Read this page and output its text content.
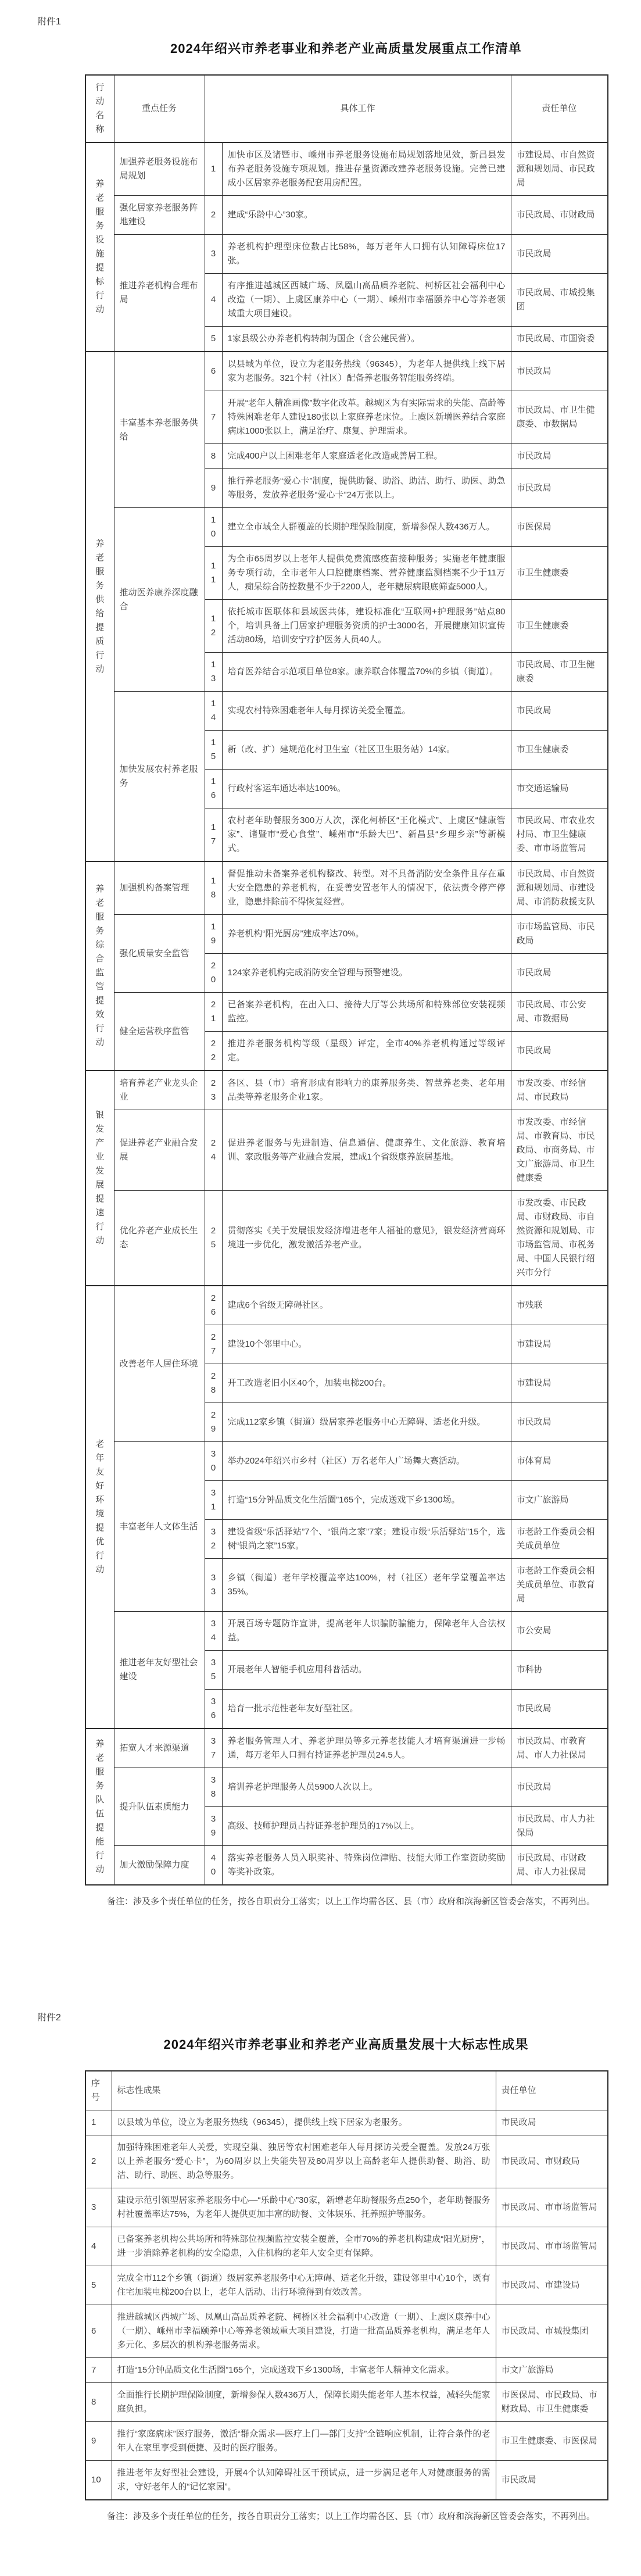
附件1
2024年绍兴市养老事业和养老产业高质量发展重点工作清单
行动名称	重点任务	具体工作		责任单位
养老服务设施提标行动	加强养老服务设施布局规划	1	加快市区及诸暨市、嵊州市养老服务设施布局规划落地见效，新昌县发布养老服务设施专项规划。推进存量资源改建养老服务设施。完善已建成小区居家养老服务配套用房配置。	市建设局、市自然资源和规划局、市民政局
	强化居家养老服务阵地建设	2	建成“乐龄中心”30家。	市民政局、市财政局
	推进养老机构合理布局	3	养老机构护理型床位数占比58%，每万老年人口拥有认知障碍床位17张。	市民政局
		4	有序推进越城区西城广场、凤凰山高品质养老院、柯桥区社会福利中心改造（一期）、上虞区康养中心（一期）、嵊州市幸福颐养中心等养老领域重大项目建设。	市民政局、市城投集团
		5	1家县级公办养老机构转制为国企（含公建民营）。	市民政局、市国资委
养老服务供给提质行动	丰富基本养老服务供给	6	以县域为单位，设立为老服务热线（96345），为老年人提供线上线下居家为老服务。321个村（社区）配备养老服务智能服务终端。	市民政局
		7	开展“老年人精准画像”数字化改革。越城区为有实际需求的失能、高龄等特殊困难老年人建设180张以上家庭养老床位。上虞区新增医养结合家庭病床1000张以上，满足治疗、康复、护理需求。	市民政局、市卫生健康委、市数据局
		8	完成400户以上困难老年人家庭适老化改造或善居工程。	市民政局
		9	推行养老服务“爱心卡”制度，提供助餐、助浴、助洁、助行、助医、助急等服务，发放养老服务“爱心卡”24万张以上。	市民政局
	推动医养康养深度融合	10	建立全市域全人群覆盖的长期护理保险制度，新增参保人数436万人。	市医保局
		11	为全市65周岁以上老年人提供免费流感疫苗接种服务；实施老年健康服务专项行动，全市老年人口腔健康档案、营养健康监测档案不少于11万人，痴呆综合防控数量不少于2200人，老年糖尿病眼底筛查5000人。	市卫生健康委
		12	依托城市医联体和县域医共体，建设标准化“互联网+护理服务”站点80个，培训具备上门居家护理服务资质的护士3000名，开展健康知识宣传活动80场，培训安宁疗护医务人员40人。	市卫生健康委
		13	培育医养结合示范项目单位8家。康养联合体覆盖70%的乡镇（街道）。	市民政局、市卫生健康委
	加快发展农村养老服务	14	实现农村特殊困难老年人每月探访关爱全覆盖。	市民政局
		15	新（改、扩）建规范化村卫生室（社区卫生服务站）14家。	市卫生健康委
		16	行政村客运车通达率达100%。	市交通运输局
		17	农村老年助餐服务300万人次，深化柯桥区“王化模式”、上虞区“健康管家”、诸暨市“爱心食堂”、嵊州市“乐龄大巴”、新昌县“乡理乡亲”等新模式。	市民政局、市农业农村局、市卫生健康委、市市场监管局
养老服务综合监管提效行动	加强机构备案管理	18	督促推动未备案养老机构整改、转型。对不具备消防安全条件且存在重大安全隐患的养老机构，在妥善安置老年人的情况下，依法责令停产停业，隐患排除前不得恢复经营。	市民政局、市自然资源和规划局、市建设局、市消防救援支队
	强化质量安全监管	19	养老机构“阳光厨房”建成率达70%。	市市场监管局、市民政局
		20	124家养老机构完成消防安全管理与预警建设。	市民政局
	健全运营秩序监管	21	已备案养老机构，在出入口、接待大厅等公共场所和特殊部位安装视频监控。	市民政局、市公安局、市数据局
		22	推进养老服务机构等级（星级）评定，全市40%养老机构通过等级评定。	市民政局
银发产业发展提速行动	培育养老产业龙头企业	23	各区、县（市）培育形成有影响力的康养服务类、智慧养老类、老年用品类等养老服务企业1家。	市发改委、市经信局、市民政局
	促进养老产业融合发展	24	促进养老服务与先进制造、信息通信、健康养生、文化旅游、教育培训、家政服务等产业融合发展，建成1个省级康养旅居基地。	市发改委、市经信局、市教育局、市民政局、市商务局、市文广旅游局、市卫生健康委
	优化养老产业成长生态	25	贯彻落实《关于发展银发经济增进老年人福祉的意见》，银发经济营商环境进一步优化，激发激活养老产业。	市发改委、市民政局、市财政局、市自然资源和规划局、市市场监管局、市税务局、中国人民银行绍兴市分行
老年友好环境提优行动	改善老年人居住环境	26	建成6个省级无障碍社区。	市残联
		27	建设10个邻里中心。	市建设局
		28	开工改造老旧小区40个，加装电梯200台。	市建设局
		29	完成112家乡镇（街道）级居家养老服务中心无障碍、适老化升级。	市民政局
	丰富老年人文体生活	30	举办2024年绍兴市乡村（社区）万名老年人广场舞大赛活动。	市体育局
		31	打造“15分钟品质文化生活圈”165个，完成送戏下乡1300场。	市文广旅游局
		32	建设省级“乐活驿站”7个、“银尚之家”7家；建设市级“乐活驿站”15个，选树“银尚之家”15家。	市老龄工作委员会相关成员单位
		33	乡镇（街道）老年学校覆盖率达100%，村（社区）老年学堂覆盖率达35%。	市老龄工作委员会相关成员单位、市教育局
	推进老年友好型社会建设	34	开展百场专题防诈宣讲，提高老年人识骗防骗能力，保障老年人合法权益。	市公安局
		35	开展老年人智能手机应用科普活动。	市科协
		36	培育一批示范性老年友好型社区。	市民政局
养老服务队伍提能行动	拓宽人才来源渠道	37	养老服务管理人才、养老护理员等多元养老技能人才培育渠道进一步畅通，每万老年人口拥有持证养老护理员24.5人。	市民政局、市教育局、市人力社保局
	提升队伍素质能力	38	培训养老护理服务人员5900人次以上。	市民政局
		39	高级、技师护理员占持证养老护理员的17%以上。	市民政局、市人力社保局
	加大激励保障力度	40	落实养老服务人员入职奖补、特殊岗位津贴、技能大师工作室资助奖励等奖补政策。	市民政局、市财政局、市人力社保局
备注：涉及多个责任单位的任务，按各自职责分工落实；以上工作均需各区、县（市）政府和滨海新区管委会落实，不再列出。
附件2
2024年绍兴市养老事业和养老产业高质量发展十大标志性成果
序号	标志性成果	责任单位
1	以县域为单位，设立为老服务热线（96345），提供线上线下居家为老服务。	市民政局
2	加强特殊困难老年人关爱，实现空巢、独居等农村困难老年人每月探访关爱全覆盖。发放24万张以上养老服务“爱心卡”，为60周岁以上失能失智及80周岁以上高龄老年人提供助餐、助浴、助洁、助行、助医、助急等服务。	市民政局、市财政局
3	建设示范引领型居家养老服务中心—“乐龄中心”30家，新增老年助餐服务点250个，老年助餐服务村社覆盖率达75%，为老年人提供更加丰富的助餐、文体娱乐、托养照护等服务。	市民政局、市市场监管局
4	已备案养老机构公共场所和特殊部位视频监控安装全覆盖，全市70%的养老机构建成“阳光厨房”，进一步消除养老机构的安全隐患，入住机构的老年人安全更有保障。	市民政局、市市场监管局
5	完成全市112个乡镇（街道）级居家养老服务中心无障碍、适老化升级，建设邻里中心10个，既有住宅加装电梯200台以上，老年人活动、出行环境得到有效改善。	市民政局、市建设局
6	推进越城区西城广场、凤凰山高品质养老院、柯桥区社会福利中心改造（一期）、上虞区康养中心（一期）、嵊州市幸福颐养中心等养老领域重大项目建设，打造一批高品质养老机构，满足老年人多元化、多层次的机构养老服务需求。	市民政局、市城投集团
7	打造“15分钟品质文化生活圈”165个，完成送戏下乡1300场，丰富老年人精神文化需求。	市文广旅游局
8	全面推行长期护理保险制度，新增参保人数436万人，保障长期失能老年人基本权益，减轻失能家庭负担。	市医保局、市民政局、市财政局、市卫生健康委
9	推行“家庭病床”医疗服务，激活“群众需求—医疗上门—部门支持”全链响应机制，让符合条件的老年人在家里享受到便捷、及时的医疗服务。	市卫生健康委、市医保局
10	推进老年友好型社会建设，开展4个认知障碍社区干预试点，进一步满足老年人对健康服务的需求，守好老年人的“记忆家园”。	市民政局
备注：涉及多个责任单位的任务，按各自职责分工落实；以上工作均需各区、县（市）政府和滨海新区管委会落实，不再列出。
